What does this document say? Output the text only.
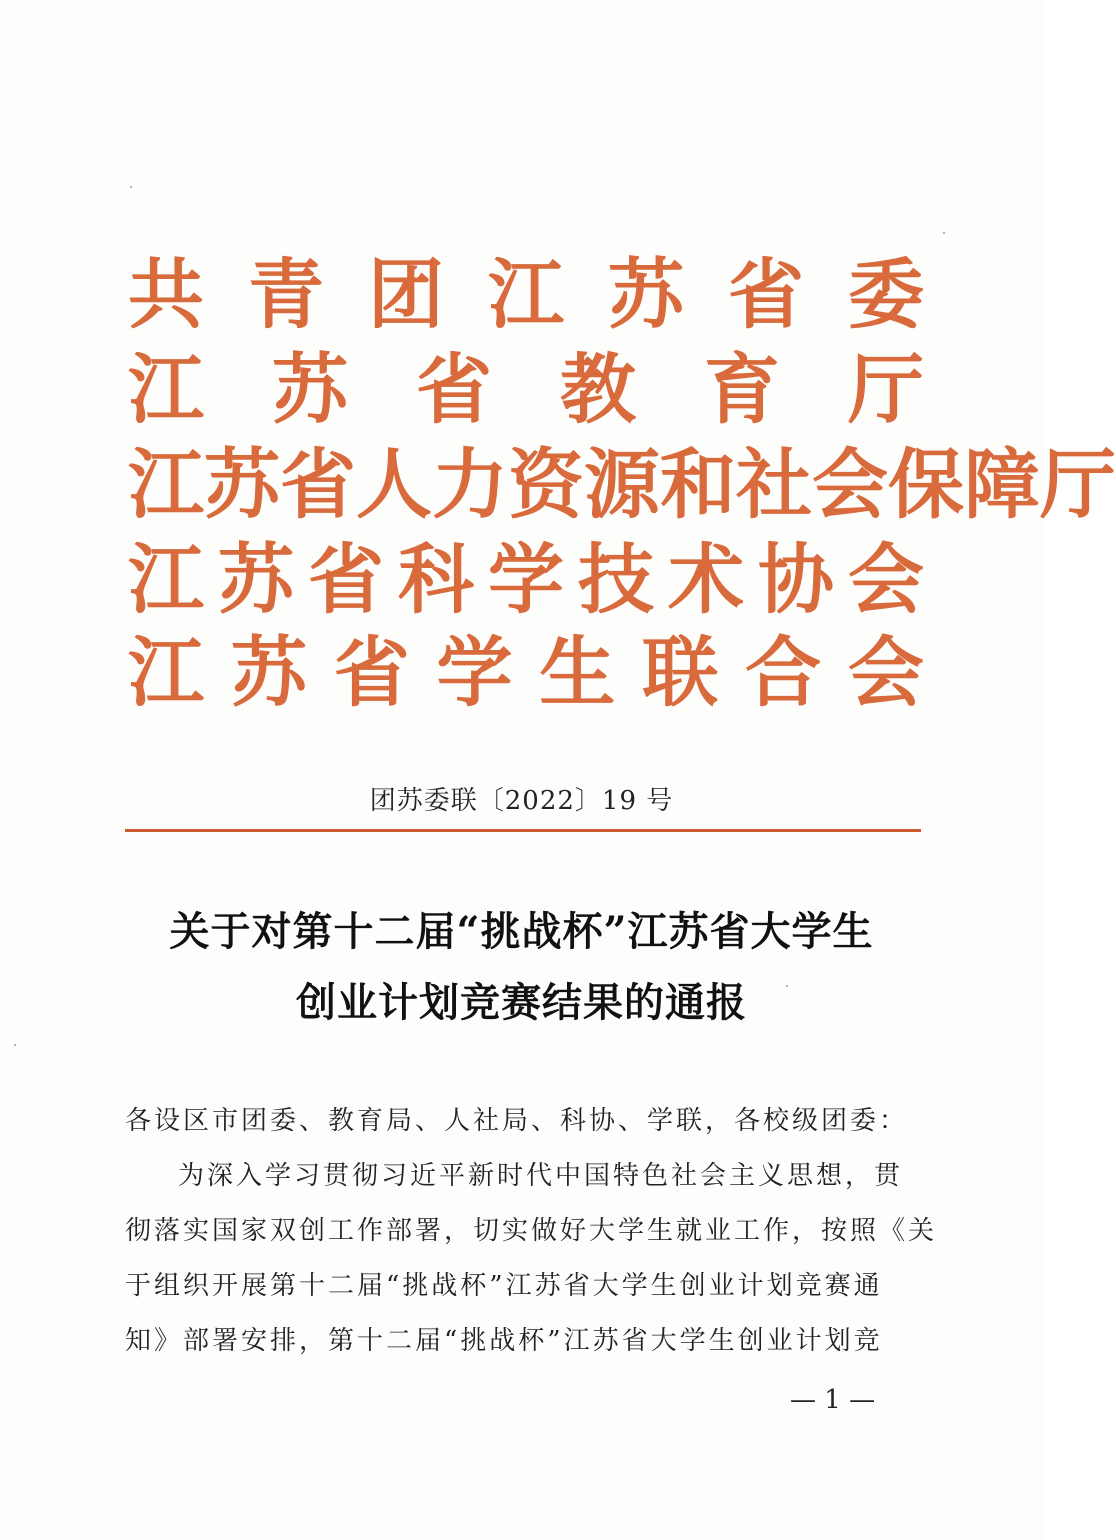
共 青 团 江 苏 省 委
江 苏 省 教 育 厅
江 苏 省 人 力 资 源 和 社 会 保 障 厅
江 苏 省 科 学 技 术 协 会
江 苏 省 学 生 联 合 会
团苏委联〔2022〕19 号
关于对第十二届“挑战杯”江苏省大学生
创业计划竞赛结果的通报
各设区市团委、教育局、人社局、科协、学联，各校级团委：
为深入学习贯彻习近平新时代中国特色社会主义思想，贯
彻落实国家双创工作部署，切实做好大学生就业工作，按照《关
于组织开展第十二届“挑战杯”江苏省大学生创业计划竞赛通
知》部署安排，第十二届“挑战杯”江苏省大学生创业计划竞
— 1 —
